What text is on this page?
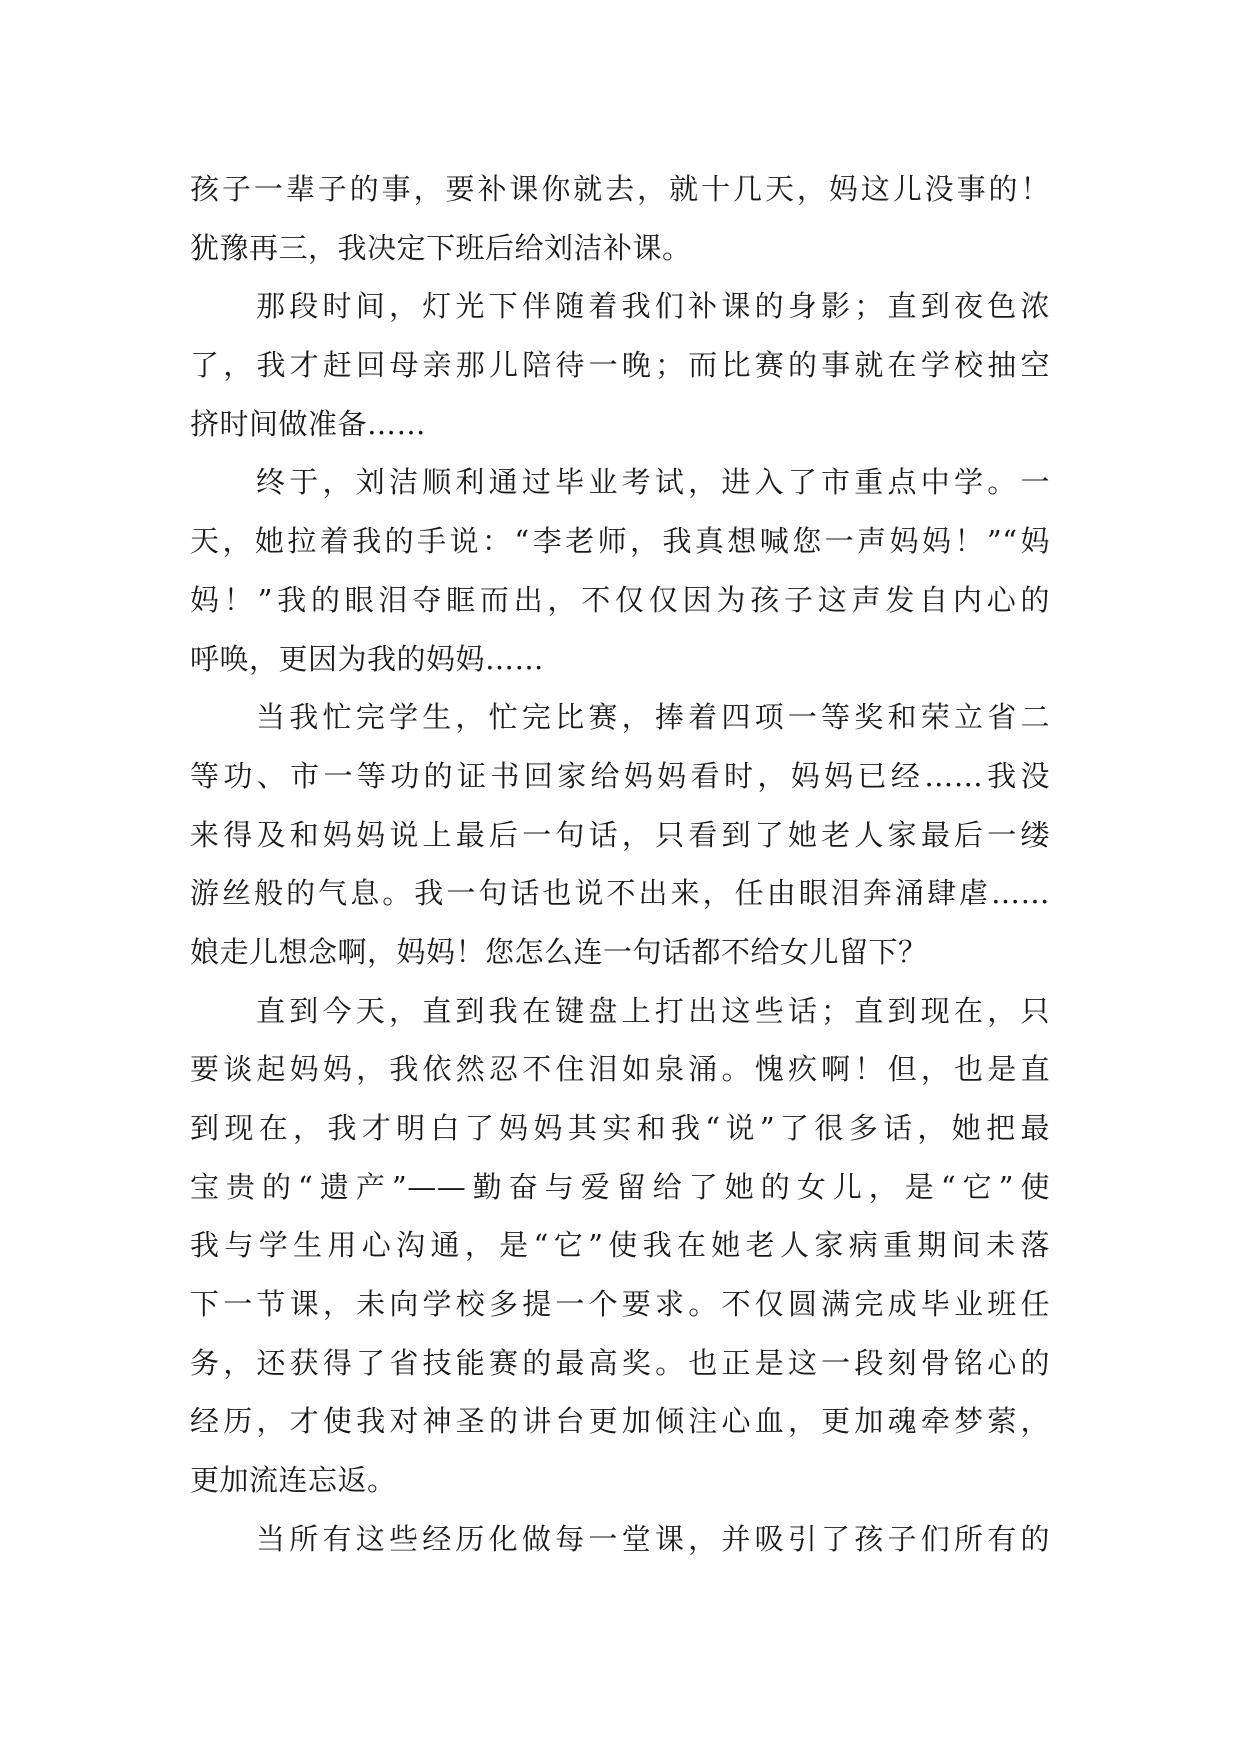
孩子一辈子的事，要补课你就去，就十几天，妈这儿没事的！
犹豫再三，我决定下班后给刘洁补课。
那段时间，灯光下伴随着我们补课的身影；直到夜色浓
了，我才赶回母亲那儿陪待一晚；而比赛的事就在学校抽空
挤时间做准备……
终于，刘洁顺利通过毕业考试，进入了市重点中学。一
天，她拉着我的手说：“李老师，我真想喊您一声妈妈！”“妈
妈！”我的眼泪夺眶而出，不仅仅因为孩子这声发自内心的
呼唤，更因为我的妈妈……
当我忙完学生，忙完比赛，捧着四项一等奖和荣立省二
等功、市一等功的证书回家给妈妈看时，妈妈已经……我没
来得及和妈妈说上最后一句话，只看到了她老人家最后一缕
游丝般的气息。我一句话也说不出来，任由眼泪奔涌肆虐……
娘走儿想念啊，妈妈！您怎么连一句话都不给女儿留下？
直到今天，直到我在键盘上打出这些话；直到现在，只
要谈起妈妈，我依然忍不住泪如泉涌。愧疚啊！但，也是直
到现在，我才明白了妈妈其实和我“说”了很多话，她把最
宝贵的“遗产”——勤奋与爱留给了她的女儿，是“它”使
我与学生用心沟通，是“它”使我在她老人家病重期间未落
下一节课，未向学校多提一个要求。不仅圆满完成毕业班任
务，还获得了省技能赛的最高奖。也正是这一段刻骨铭心的
经历，才使我对神圣的讲台更加倾注心血，更加魂牵梦萦，
更加流连忘返。
当所有这些经历化做每一堂课，并吸引了孩子们所有的
